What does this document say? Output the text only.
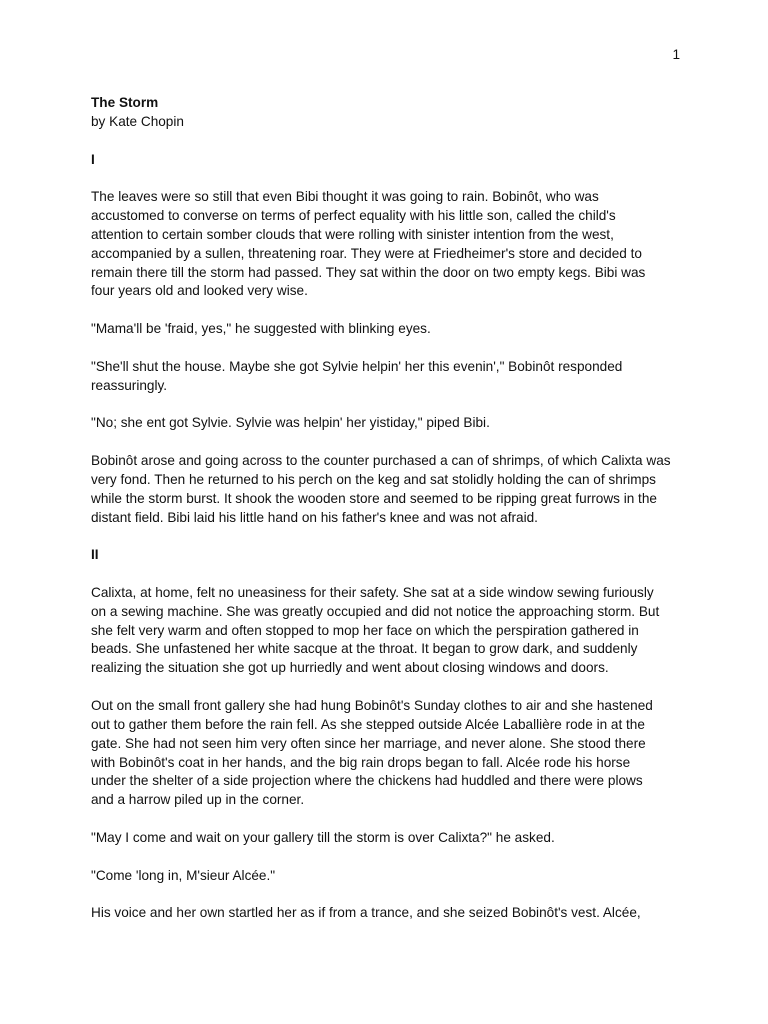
1
The Storm
by Kate Chopin
I

The leaves were so still that even Bibi thought it was going to rain. Bobinôt, who was
accustomed to converse on terms of perfect equality with his little son, called the child's
attention to certain somber clouds that were rolling with sinister intention from the west,
accompanied by a sullen, threatening roar. They were at Friedheimer's store and decided to
remain there till the storm had passed. They sat within the door on two empty kegs. Bibi was
four years old and looked very wise.

"Mama'll be 'fraid, yes," he suggested with blinking eyes.

"She'll shut the house. Maybe she got Sylvie helpin' her this evenin'," Bobinôt responded
reassuringly.

"No; she ent got Sylvie. Sylvie was helpin' her yistiday," piped Bibi.

Bobinôt arose and going across to the counter purchased a can of shrimps, of which Calixta was
very fond. Then he returned to his perch on the keg and sat stolidly holding the can of shrimps
while the storm burst. It shook the wooden store and seemed to be ripping great furrows in the
distant field. Bibi laid his little hand on his father's knee and was not afraid.

II

Calixta, at home, felt no uneasiness for their safety. She sat at a side window sewing furiously
on a sewing machine. She was greatly occupied and did not notice the approaching storm. But
she felt very warm and often stopped to mop her face on which the perspiration gathered in
beads. She unfastened her white sacque at the throat. It began to grow dark, and suddenly
realizing the situation she got up hurriedly and went about closing windows and doors.

Out on the small front gallery she had hung Bobinôt's Sunday clothes to air and she hastened
out to gather them before the rain fell. As she stepped outside Alcée Laballière rode in at the
gate. She had not seen him very often since her marriage, and never alone. She stood there
with Bobinôt's coat in her hands, and the big rain drops began to fall. Alcée rode his horse
under the shelter of a side projection where the chickens had huddled and there were plows
and a harrow piled up in the corner.

"May I come and wait on your gallery till the storm is over Calixta?" he asked.

"Come 'long in, M'sieur Alcée."

His voice and her own startled her as if from a trance, and she seized Bobinôt's vest. Alcée,
